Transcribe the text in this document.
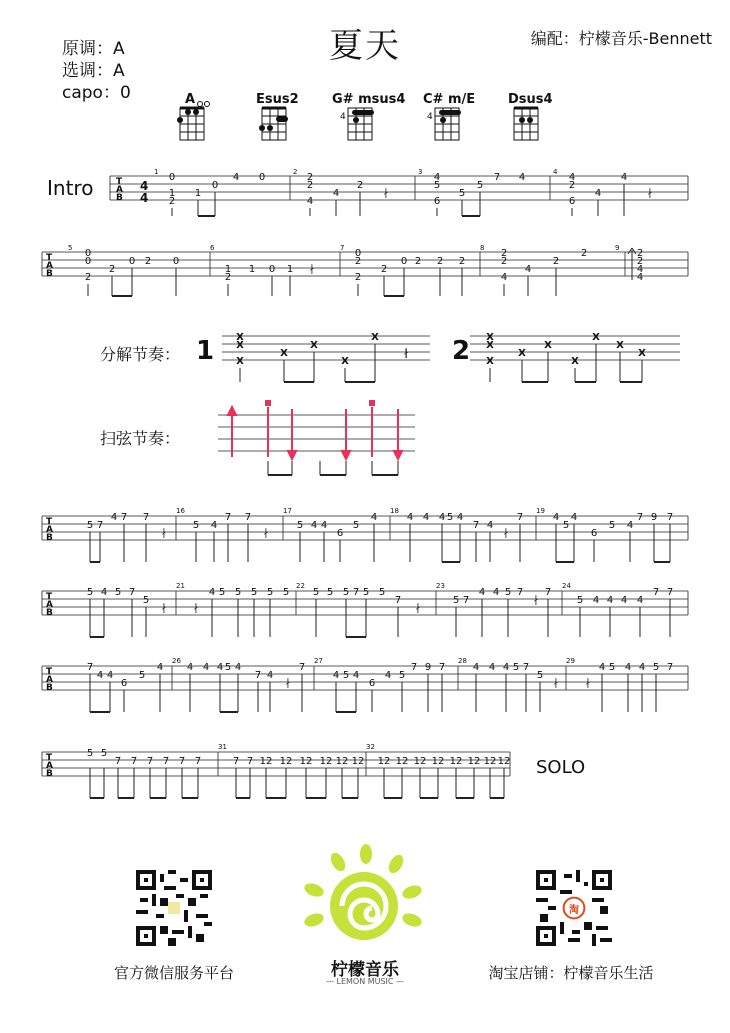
夏天
原调：A
选调：A
capo：0
编配：柠檬音乐-Bennett
A	Esus2	G# msus4 C# m/E	Dsus4
4	4
Intro	T
A
B
T
A
B
1	2	3	4
5	6	7	8	9
4
4
0
1
2
1
0
4 0	2
2
4
4
2
∤
4
5
6
5
5
7 4	4
2
6
4
4
∤
0
0
2
2
0 2 0
1
2
1 0 1 ∤
0
2
2
2
0 2 2 2
2
2
4
4
2
2	2
2
4
4
分解节奏： 1	2
X
X
X
X
X
X
X
∤
X
X
X
X
X
X
X
X
X
扫弦节奏：
T
A
B
T
A
B
T
A
B
T
A
B
16	17	18	19
21	22	23	24
26	27	28	29
31	32
5 7
4 7 7
∤
5 4
7 7
∤
5 4 4
6
5
4	4 4 4 5 4
7 4
∤
7	4
5
4
6
5 4
7 9 7
5 4 5 7
5
∤	∤
4 5 5 5 5 5 5 5 5 7 5 5
7
∤
5 7
4 4 5 7
∤
7
5 4 4 4 4
7 7
7
4 4
6
5
4 4 4 4 5 4
7 4
∤
7
4 5 4
6
4 5
7 9 7	4 4 4 5 7
5
∤	∤
4 5 4 4 5 7
5 5
7 7 7 7 7 7	7 7 12 12 12 12 12 12 12 12 12 12 12 12 12 12 SOLO
官方微信服务平台	柠檬音乐
— LEMON MUSIC —
淘
淘宝店铺：柠檬音乐生活
